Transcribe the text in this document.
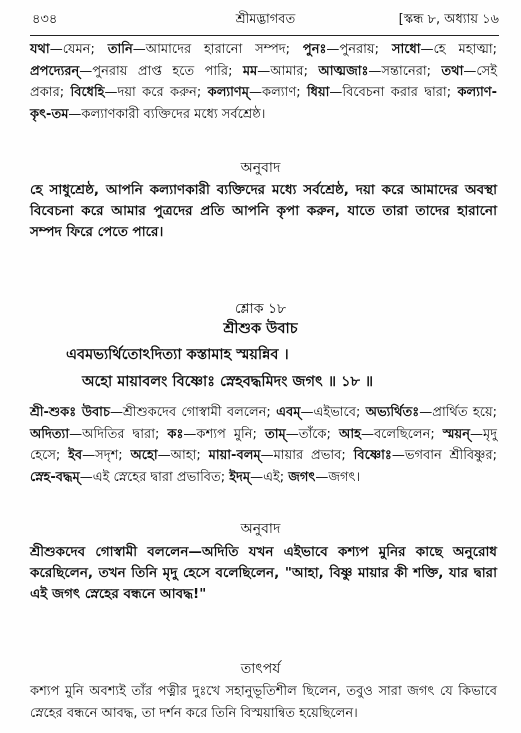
৪৩৪	শ্রীমদ্ভাগবত	[স্কন্ধ ৮, অধ্যায় ১৬
যথা—যেমন; তানি—আমাদের হারানো সম্পদ; পুনঃ—পুনরায়; সাধো—হে মহাত্মা; প্রপদ্যেরন্—পুনরায় প্রাপ্ত হতে পারি; মম—আমার; আত্মজাঃ—সন্তানেরা; তথা—সেই প্রকার; বিধেহি—দয়া করে করুন; কল্যাণম্—কল্যাণ; ধিয়া—বিবেচনা করার দ্বারা; কল্যাণ-কৃৎ-তম—কল্যাণকারী ব্যক্তিদের মধ্যে সর্বশ্রেষ্ঠ।
অনুবাদ
হে সাধুশ্রেষ্ঠ, আপনি কল্যাণকারী ব্যক্তিদের মধ্যে সর্বশ্রেষ্ঠ, দয়া করে আমাদের অবস্থা বিবেচনা করে আমার পুত্রদের প্রতি আপনি কৃপা করুন, যাতে তারা তাদের হারানো সম্পদ ফিরে পেতে পারে।
শ্লোক ১৮
শ্রীশুক উবাচ
এবমভ্যর্থিতোঽদিত্যা কস্তামাহ স্ময়ন্নিব ।
অহো মায়াবলং বিষ্ণোঃ স্নেহবদ্ধমিদং জগৎ ॥ ১৮ ॥
শ্রী-শুকঃ উবাচ—শ্রীশুকদেব গোস্বামী বললেন; এবম্—এইভাবে; অভ্যর্থিতঃ—প্রার্থিত হয়ে; অদিত্যা—অদিতির দ্বারা; কঃ—কশ্যপ মুনি; তাম্—তাঁকে; আহ—বলেছিলেন; স্ময়ন্—মৃদু হেসে; ইব—সদৃশ; অহো—আহা; মায়া-বলম্—মায়ার প্রভাব; বিষ্ণোঃ—ভগবান শ্রীবিষ্ণুর; স্নেহ-বদ্ধম্—এই স্নেহের দ্বারা প্রভাবিত; ইদম্—এই; জগৎ—জগৎ।
অনুবাদ
শ্রীশুকদেব গোস্বামী বললেন—অদিতি যখন এইভাবে কশ্যপ মুনির কাছে অনুরোধ করেছিলেন, তখন তিনি মৃদু হেসে বলেছিলেন, "আহা, বিষ্ণু মায়ার কী শক্তি, যার দ্বারা এই জগৎ স্নেহের বন্ধনে আবদ্ধ!"
তাৎপর্য
কশ্যপ মুনি অবশ্যই তাঁর পত্নীর দুঃখে সহানুভূতিশীল ছিলেন, তবুও সারা জগৎ যে কিভাবে স্নেহের বন্ধনে আবদ্ধ, তা দর্শন করে তিনি বিস্ময়ান্বিত হয়েছিলেন।
